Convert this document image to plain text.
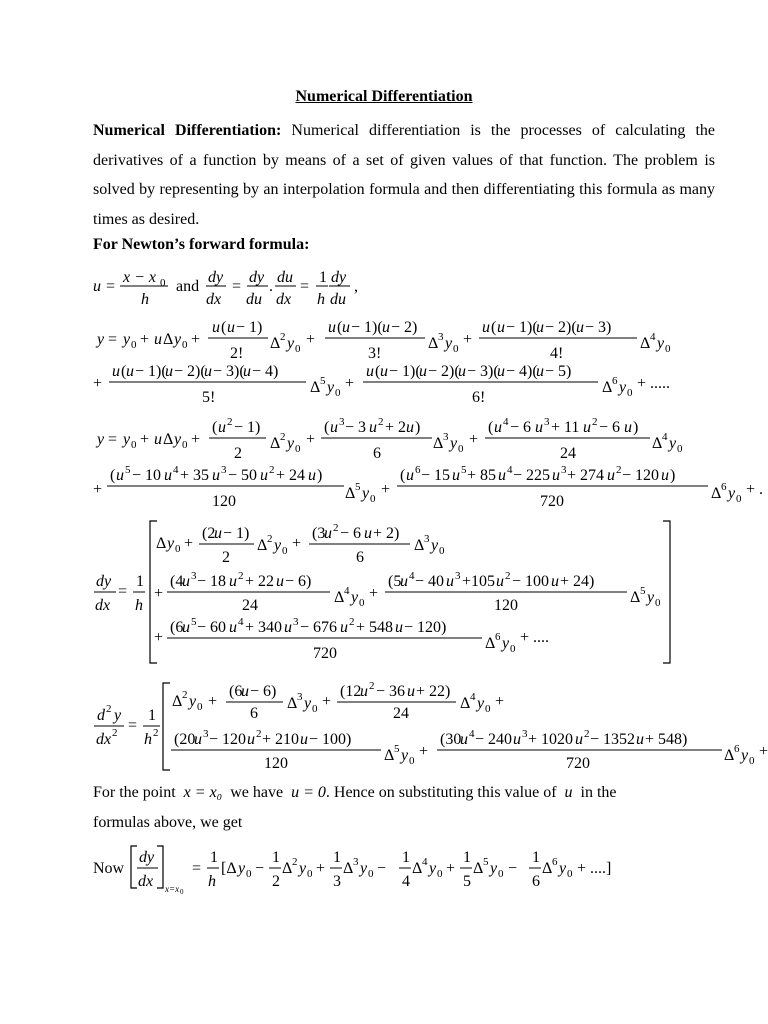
Numerical Differentiation

Numerical Differentiation: Numerical differentiation is the processes of calculating the derivatives of a function by means of a set of given values of that function. The problem is solved by representing by an interpolation formula and then differentiating this formula as many times as desired.

For Newton’s forward formula:
u =
x − x 0
h
and
dy
dx
=
dy
du
.
du
dx
=
1
h
dy
du
,
y = y 0 + u Δ y 0 +
u ( u − 1)
2!
Δ 2 y 0
+
u ( u − 1)( u − 2)
3!
Δ 3 y 0
+
u ( u − 1)(
u − 2)( u − 3)
4!
Δ 4 y 0
+
u ( u − 1)(
u − 2)(
u − 3)(
u − 4)
5!
Δ 5 y 0
+
u ( u − 1)(
u − 2)(
u − 3)(
u − 4)(
u − 5)
6!
Δ 6 y 0
+ .....
y = y 0 + u Δ y 0 +
( u 2 − 1)
2
Δ 2 y 0
+
( u 3 − 3 u 2 + 2 u )
6
Δ 3 y 0
+
( u 4 − 6 u 3 + 11 u 2 − 6 u )
24
Δ 4 y 0
+
( u 5 − 10 u 4 + 35 u 3 − 50 u 2 + 24 u )
120	Δ 5 y 0
+
( u 6 − 15 u 5 + 85 u 4 − 225 u 3 + 274 u 2 − 120 u )
720	Δ 6 y 0
+ .
dy
dx
=
1
h
Δ y 0 +
(2
u − 1)
2
Δ 2 y 0 +
(3
u 2 − 6 u + 2)
6
Δ 3 y 0
+
(4
u 3 − 18 u 2 + 22 u − 6)
24	Δ 4 y 0
+
(5
u 4 − 40 u 3 +105 u 2 − 100 u + 24)
120	Δ 5 y 0
+
(6
u 5 − 60 u 4 + 340 u 3 − 676 u 2 + 548 u − 120)
720
Δ 6 y 0
+ ....
d 2 y
dx 2 =
1
h 2
Δ 2 y 0 +
(6
u − 6)
6
Δ 3 y 0 +
(12
u 2 − 36 u + 22)
24
Δ 4 y 0 +
(20
u 3 − 120 u 2 + 210 u − 100)
120	Δ 5 y 0
+
(30
u 4 − 240 u 3 + 1020 u 2 − 1352 u + 548)
720	Δ 6 y 0
+
For the point x = x₀ we have u = 0. Hence on substituting this value of u in the
formulas above, we get
Now
dy
dx x=x 0
=
1
h
[Δ y 0 −
1
2
Δ 2 y 0 +
1
3
Δ 3 y 0 −
1
4
Δ 4 y 0 +
1
5
Δ 5 y 0 −
1
6
Δ 6 y 0 + ....]
